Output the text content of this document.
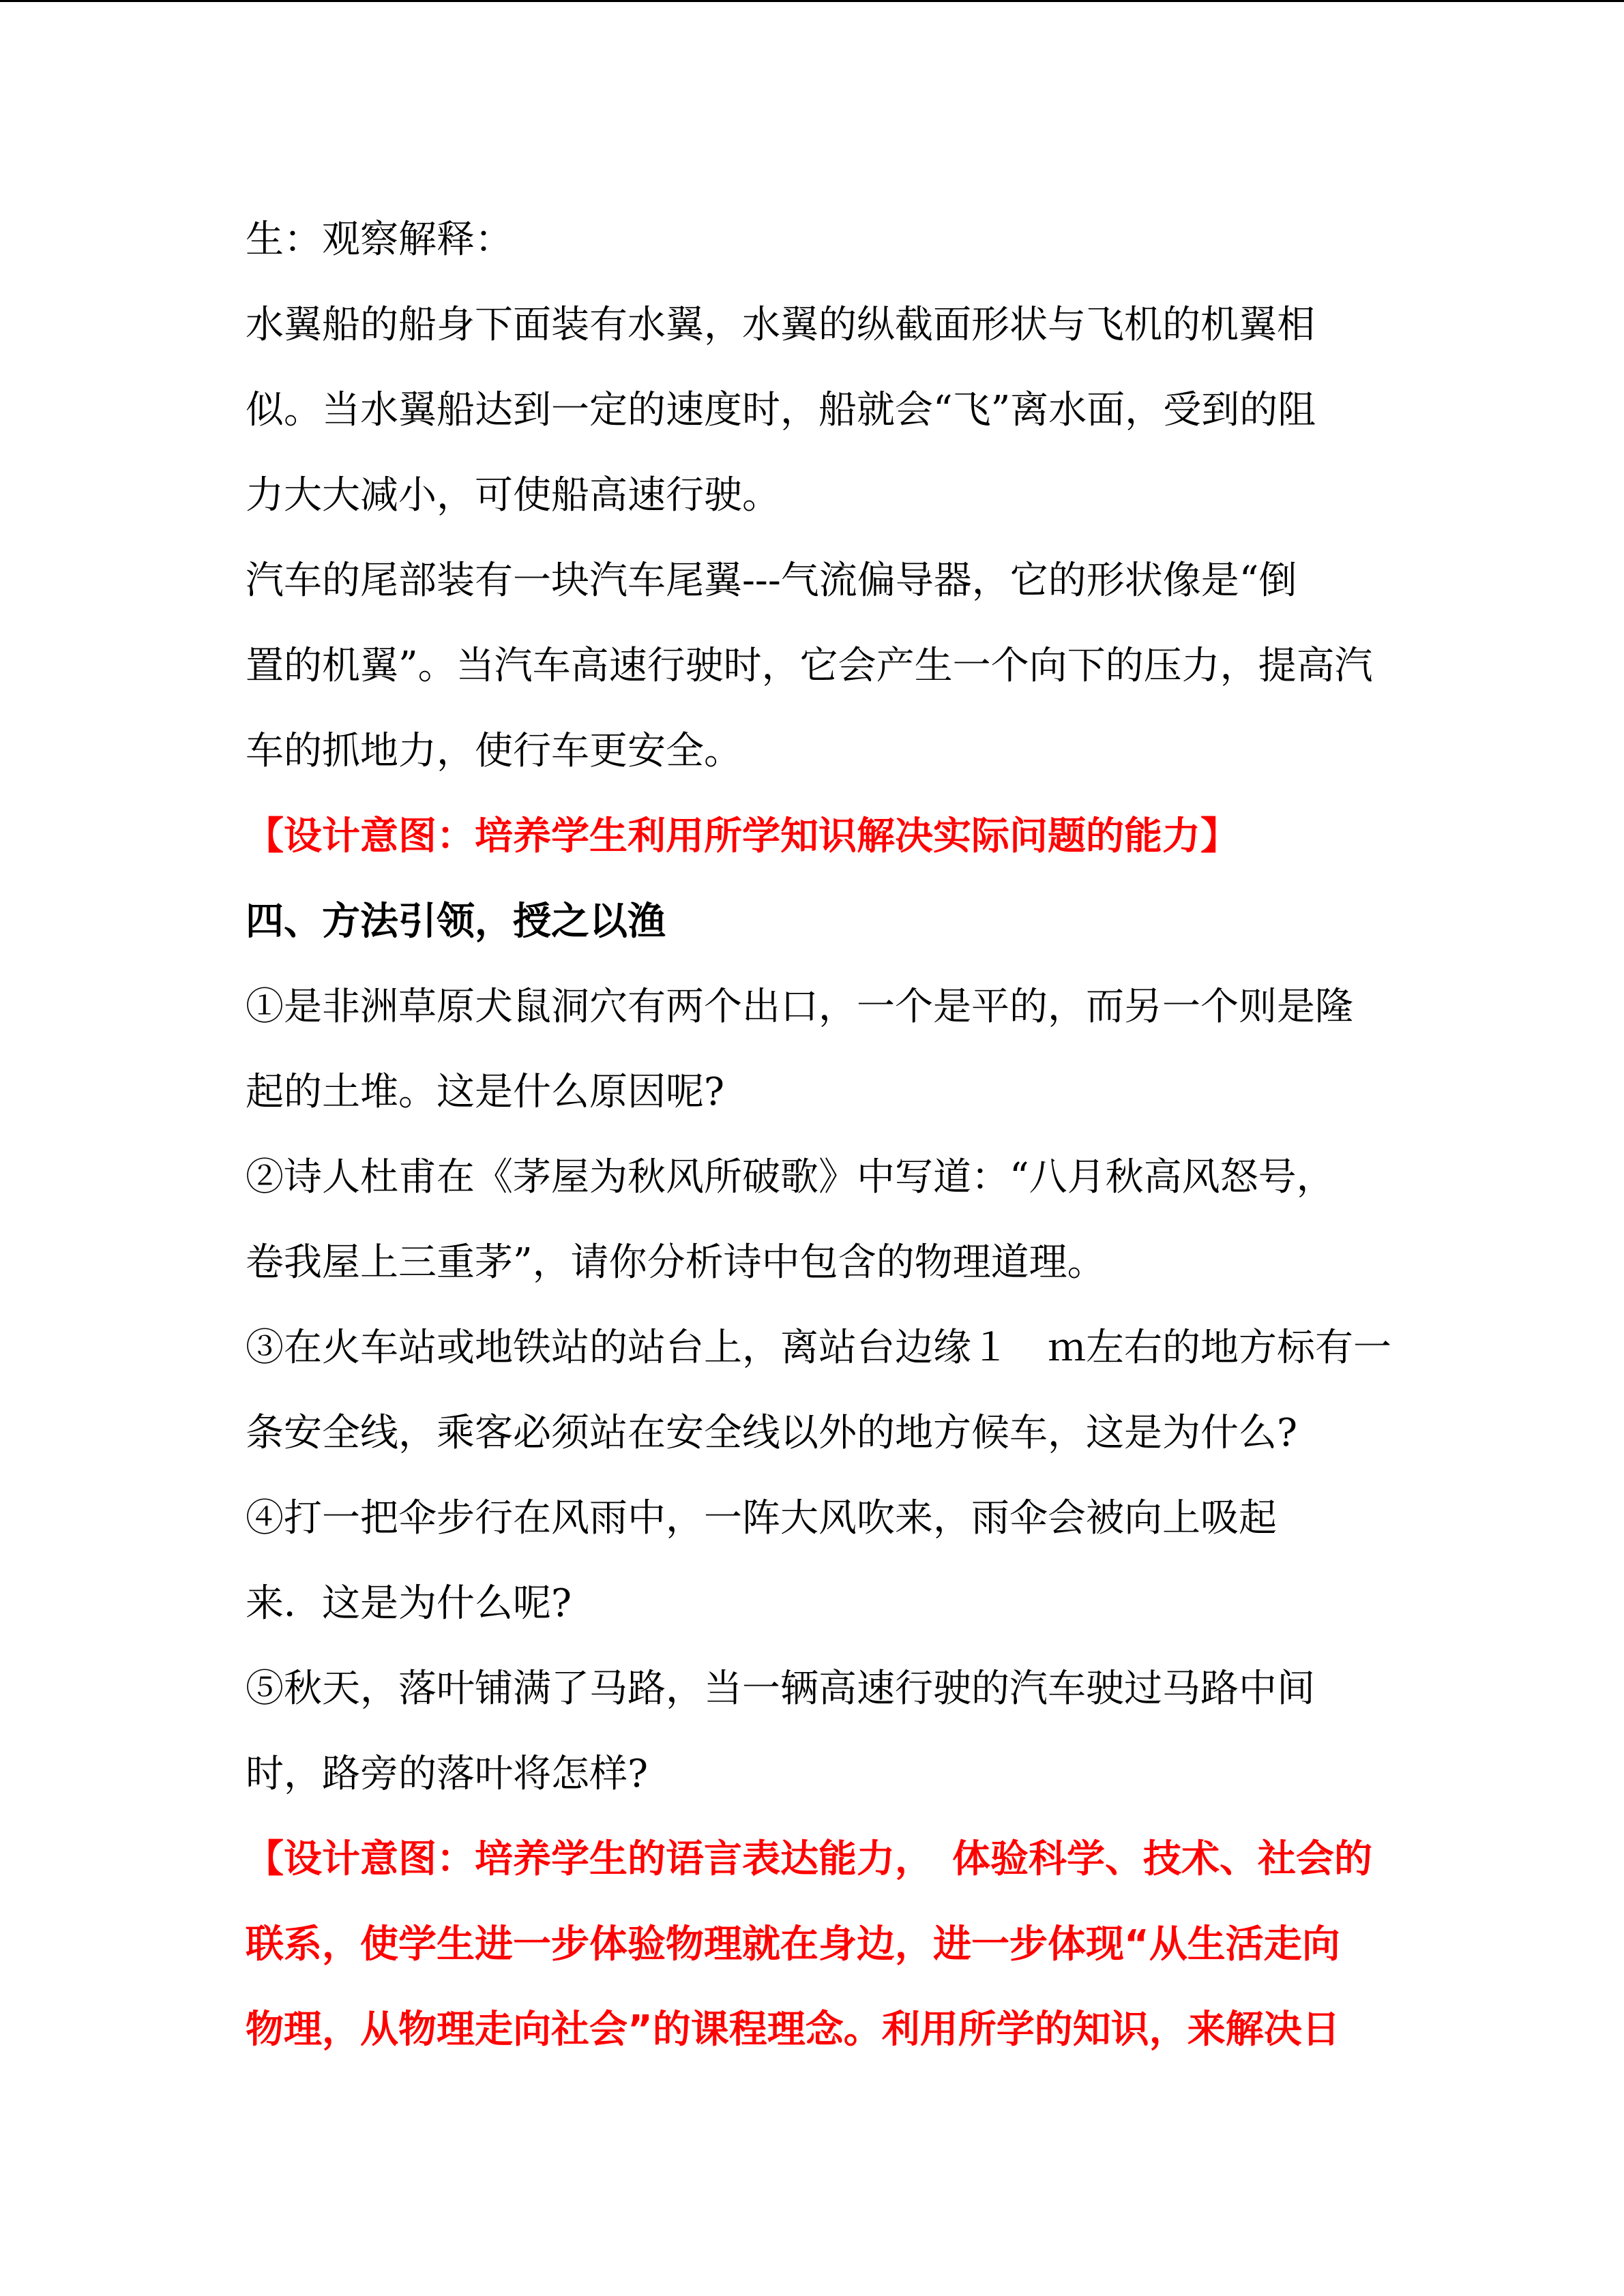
生：观察解释：
水翼船的船身下面装有水翼，水翼的纵截面形状与飞机的机翼相
似。当水翼船达到一定的速度时，船就会“飞”离水面，受到的阻
力大大减小，可使船高速行驶。
汽车的尾部装有一块汽车尾翼---气流偏导器，它的形状像是“倒
置的机翼”。当汽车高速行驶时，它会产生一个向下的压力，提高汽
车的抓地力，使行车更安全。
【设计意图：培养学生利用所学知识解决实际问题的能力】
四、方法引领，授之以渔
①是非洲草原犬鼠洞穴有两个出口，一个是平的，而另一个则是隆
起的土堆。这是什么原因呢?
②诗人杜甫在《茅屋为秋风所破歌》中写道：“八月秋高风怒号，
卷我屋上三重茅”，请你分析诗中包含的物理道理。
③在火车站或地铁站的站台上，离站台边缘１　ｍ左右的地方标有一
条安全线，乘客必须站在安全线以外的地方候车，这是为什么?
④打一把伞步行在风雨中，一阵大风吹来，雨伞会被向上吸起
来．这是为什么呢?
⑤秋天，落叶铺满了马路，当一辆高速行驶的汽车驶过马路中间
时，路旁的落叶将怎样?
【设计意图：培养学生的语言表达能力，　体验科学、技术、社会的
联系，使学生进一步体验物理就在身边，进一步体现“从生活走向
物理，从物理走向社会”的课程理念。利用所学的知识，来解决日
